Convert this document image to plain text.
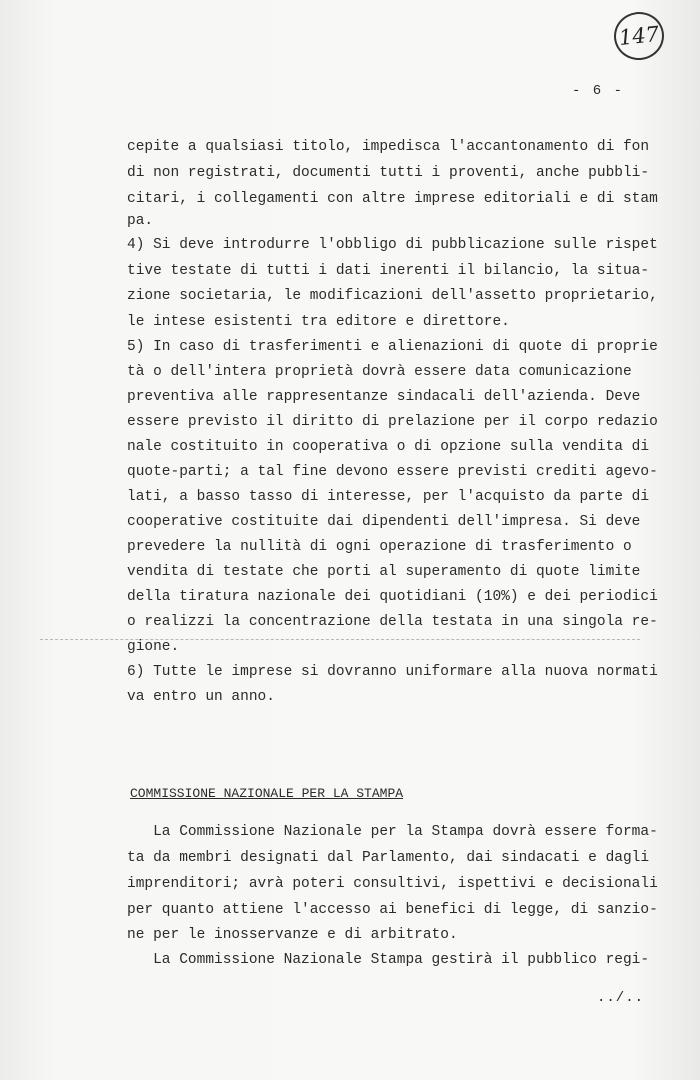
147
- 6 -
cepite a qualsiasi titolo, impedisca l'accantonamento di fon
di non registrati, documenti tutti i proventi, anche pubbli-
citari, i collegamenti con altre imprese editoriali e di stam
pa.
4) Si deve introdurre l'obbligo di pubblicazione sulle rispet
tive testate di tutti i dati inerenti il bilancio, la situa-
zione societaria, le modificazioni dell'assetto proprietario,
le intese esistenti tra editore e direttore.
5) In caso di trasferimenti e alienazioni di quote di proprie
tà o dell'intera proprietà dovrà essere data comunicazione
preventiva alle rappresentanze sindacali dell'azienda. Deve
essere previsto il diritto di prelazione per il corpo redazio
nale costituito in cooperativa o di opzione sulla vendita di
quote-parti; a tal fine devono essere previsti crediti agevo-
lati, a basso tasso di interesse, per l'acquisto da parte di
cooperative costituite dai dipendenti dell'impresa. Si deve
prevedere la nullità di ogni operazione di trasferimento o
vendita di testate che porti al superamento di quote limite
della tiratura nazionale dei quotidiani (10%) e dei periodici
o realizzi la concentrazione della testata in una singola re-
gione.
6) Tutte le imprese si dovranno uniformare alla nuova normati
va entro un anno.
COMMISSIONE NAZIONALE PER LA STAMPA
La Commissione Nazionale per la Stampa dovrà essere forma-
ta da membri designati dal Parlamento, dai sindacati e dagli
imprenditori; avrà poteri consultivi, ispettivi e decisionali
per quanto attiene l'accesso ai benefici di legge, di sanzio-
ne per le inosservanze e di arbitrato.
La Commissione Nazionale Stampa gestirà il pubblico regi-
../..
